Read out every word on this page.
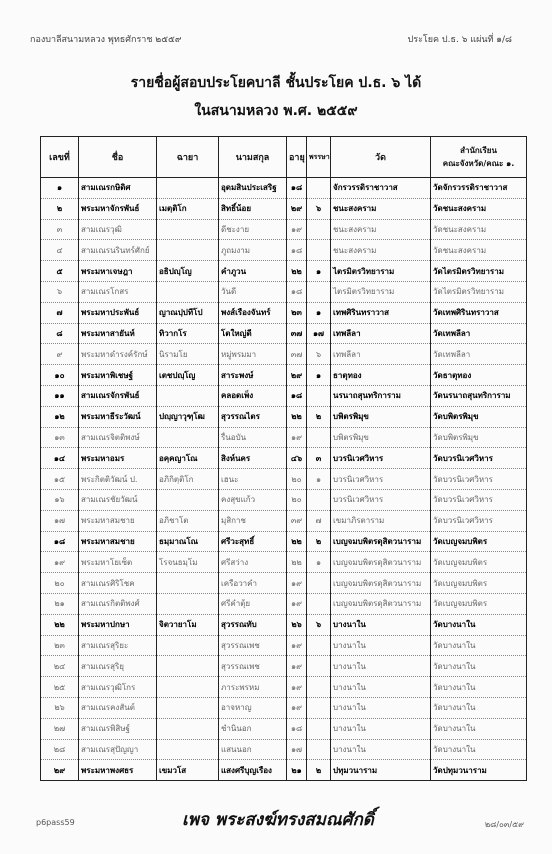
กองบาลีสนามหลวง พุทธศักราช ๒๕๕๙	ประโยค ป.ธ. ๖ แผ่นที่ ๑/๘
รายชื่อผู้สอบประโยคบาลี ชั้นประโยค ป.ธ. ๖ ได้
ในสนามหลวง พ.ศ. ๒๕๕๙
เลขที่	ชื่อ	ฉายา	นามสกุล	อายุ	พรรษา	วัด	สำนักเรียน
คณะจังหวัด/คณะ ๑.

๑	สามเณรกษิดิศ		อุดมสินประเสริฐ	๑๘		จักรวรรดิราชาวาส	วัดจักรวรรดิราชาวาส
๒	พระมหาจักรพันธ์	เมตฺติโก	สิทธิ์น้อย	๒๙	๖	ชนะสงคราม	วัดชนะสงคราม
๓	สามเณรวุฒิ		ดีชะงาย	๑๙		ชนะสงคราม	วัดชนะสงคราม
๔	สามเณรนรินทร์ศักย์		ภูถมงาม	๑๘		ชนะสงคราม	วัดชนะสงคราม
๕	พระมหาเจษฎา	อธิปญฺโญ	คำภูวน	๒๒	๑	ไตรมิตรวิทยาราม	วัดไตรมิตรวิทยาราม
๖	สามเณรโกสร		วันดี	๑๘		ไตรมิตรวิทยาราม	วัดไตรมิตรวิทยาราม
๗	พระมหาประพันธ์	ญาณปฺปทีโป	พงส์เรืองจันทร์	๒๓	๑	เทพศิรินทราวาส	วัดเทพศิรินทราวาส
๘	พระมหาสายันห์	ทิวากโร	โตใหญ่ดี	๓๗	๑๗	เทพลีลา	วัดเทพลีลา
๙	พระมหาดำรงค์รักษ์	นิรามโย	หมู่พรมมา	๓๗	๖	เทพลีลา	วัดเทพลีลา
๑๐	พระมหาพิเชษฐ์	เตชปญฺโญ	สาระพงษ์	๒๙	๑	ธาตุทอง	วัดธาตุทอง
๑๑	สามเณรจักรพันธ์		คลอดเพ็ง	๑๘		นรนาถสุนทริการาม	วัดนรนาถสุนทริการาม
๑๒	พระมหาธีระวัฒน์	ปญฺญาวุฑฺโฒ	สุวรรณไตร	๒๒	๒	บพิตรพิมุข	วัดบพิตรพิมุข
๑๓	สามเณรจิตติพงษ์		รื่นอบัน	๑๙		บพิตรพิมุข	วัดบพิตรพิมุข
๑๔	พระมหาอมร	อคฺคญาโณ	สิงห์นคร	๔๖	๓	บวรนิเวศวิหาร	วัดบวรนิเวศวิหาร
๑๕	พระกิตติวัฒน์ ป.	อภิกิตฺติโก	เฮนะ	๒๐	๑	บวรนิเวศวิหาร	วัดบวรนิเวศวิหาร
๑๖	สามเณรชัยวัฒน์		คงสุขแก้ว	๒๐		บวรนิเวศวิหาร	วัดบวรนิเวศวิหาร
๑๗	พระมหาสมชาย	อภิชาโต	มุสิกาช	๓๙	๗	เขมาภิรตาราม	วัดบวรนิเวศวิหาร
๑๘	พระมหาสมชาย	ธมฺมาณโณ	ศรีวะสุทธิ์	๒๒	๒	เบญจมบพิตรดุสิตวนาราม	วัดเบญจมบพิตร
๑๙	พระมหาโยเซ็ต	โรจนธมฺโม	ศรีสว่าง	๒๒	๑	เบญจมบพิตรดุสิตวนาราม	วัดเบญจมบพิตร
๒๐	สามเณรศิริโชค		เครือวาคำ	๑๙		เบญจมบพิตรดุสิตวนาราม	วัดเบญจมบพิตร
๒๑	สามเณรกิตติพงศ์		ศรีคำตุ้ย	๑๙		เบญจมบพิตรดุสิตวนาราม	วัดเบญจมบพิตร
๒๒	พระมหาปกษา	จิตวายาโม	สุวรรณทับ	๒๖	๖	บางนาใน	วัดบางนาใน
๒๓	สามเณรสุริยะ		สุวรรณเพช	๑๙		บางนาใน	วัดบางนาใน
๒๔	สามเณรสุริยุ		สุวรรณเพช	๑๙		บางนาใน	วัดบางนาใน
๒๕	สามเณรวุฒิโกร		ภาระพรหม	๑๙		บางนาใน	วัดบางนาใน
๒๖	สามเณรคงสันต์		อาจหาญ	๑๙		บางนาใน	วัดบางนาใน
๒๗	สามเณรพิสิษฐ์		ชำนินอก	๑๘		บางนาใน	วัดบางนาใน
๒๘	สามเณรสุปัญญา		แสนนอก	๑๗		บางนาใน	วัดบางนาใน
๒๙	พระมหาพงศธร	เขมวโส	แสงศรีบุญเรือง	๒๑	๒	ปทุมวนาราม	วัดปทุมวนาราม
p6pass59	เพจ พระสงฆ์ทรงสมณศักดิ์	๒๘/๐๓/๕๙
